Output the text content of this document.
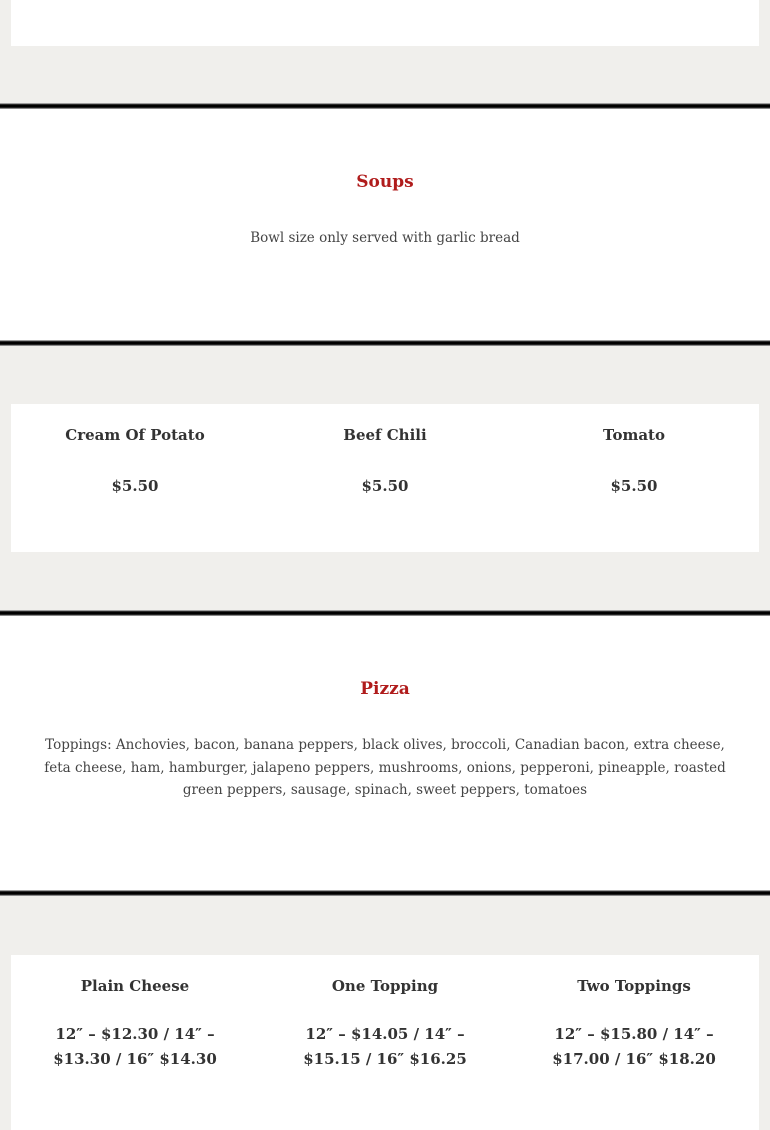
Soups
Bowl size only served with garlic bread
Cream Of Potato
$5.50
Beef Chili
$5.50
Tomato
$5.50
Pizza
Toppings: Anchovies, bacon, banana peppers, black olives, broccoli, Canadian bacon, extra cheese, feta cheese, ham, hamburger, jalapeno peppers, mushrooms, onions, pepperoni, pineapple, roasted green peppers, sausage, spinach, sweet peppers, tomatoes
Plain Cheese
12″ – $12.30 / 14″ – $13.30 / 16″ $14.30
One Topping
12″ – $14.05 / 14″ – $15.15 / 16″ $16.25
Two Toppings
12″ – $15.80 / 14″ – $17.00 / 16″ $18.20
